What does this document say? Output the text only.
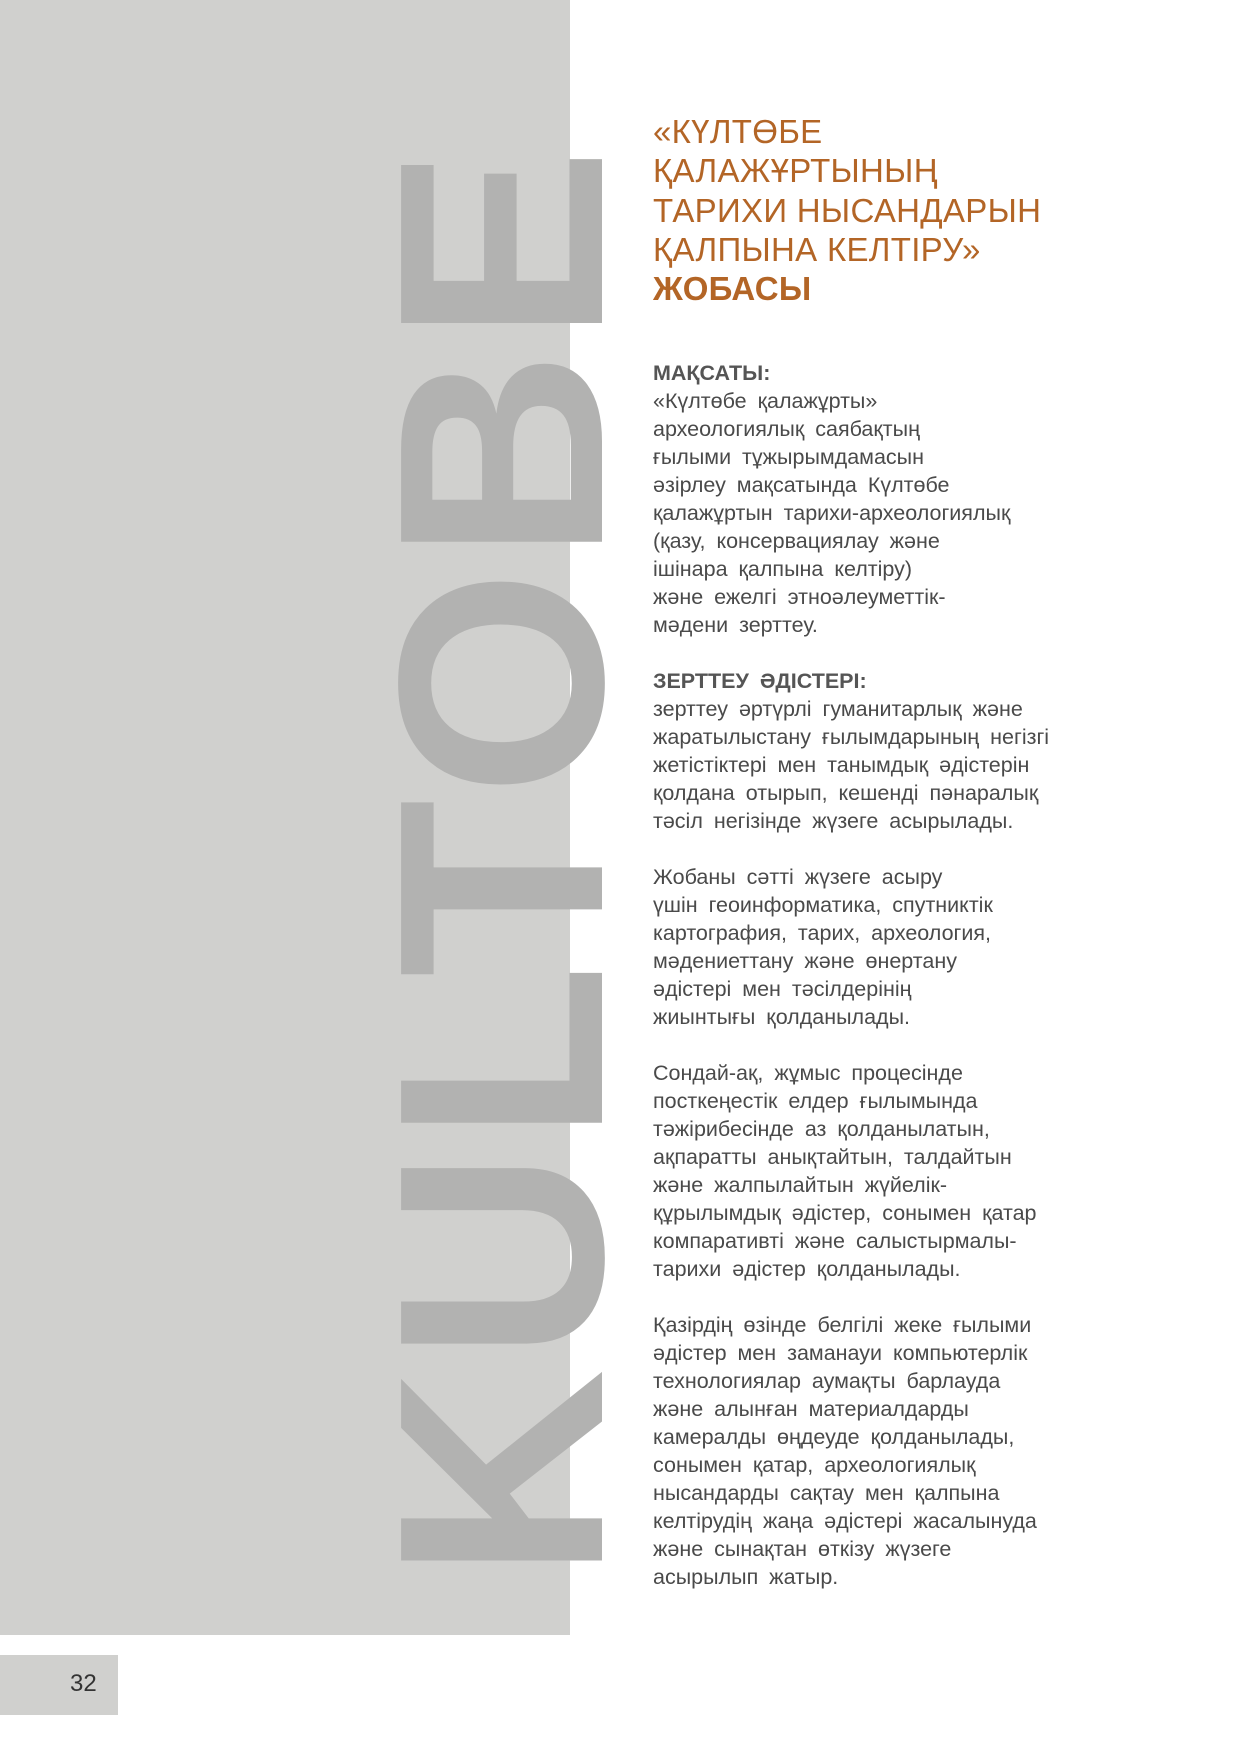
KULTOBE
32
«КҮЛТӨБЕ
ҚАЛАЖҰРТЫНЫҢ
ТАРИХИ НЫСАНДАРЫН
ҚАЛПЫНА КЕЛТІРУ»
ЖОБАСЫ
МАҚСАТЫ:
«Күлтөбе қалажұрты»
археологиялық саябақтың
ғылыми тұжырымдамасын
әзірлеу мақсатында Күлтөбе
қалажұртын тарихи-археологиялық
(қазу, консервациялау және
ішінара қалпына келтіру)
және ежелгі этноәлеуметтік-
мәдени зерттеу.
ЗЕРТТЕУ ӘДІСТЕРІ:
зерттеу әртүрлі гуманитарлық және
жаратылыстану ғылымдарының негізгі
жетістіктері мен танымдық әдістерін
қолдана отырып, кешенді пәнаралық
тәсіл негізінде жүзеге асырылады.
Жобаны сәтті жүзеге асыру
үшін геоинформатика, спутниктік
картография, тарих, археология,
мәдениеттану және өнертану
әдістері мен тәсілдерінің
жиынтығы қолданылады.
Сондай-ақ, жұмыс процесінде
посткеңестік елдер ғылымында
тәжірибесінде аз қолданылатын,
ақпаратты анықтайтын, талдайтын
және жалпылайтын жүйелік-
құрылымдық әдістер, сонымен қатар
компаративті және салыстырмалы-
тарихи әдістер қолданылады.
Қазірдің өзінде белгілі жеке ғылыми
әдістер мен заманауи компьютерлік
технологиялар аумақты барлауда
және алынған материалдарды
камералды өңдеуде қолданылады,
сонымен қатар, археологиялық
нысандарды сақтау мен қалпына
келтірудің жаңа әдістері жасалынуда
және сынақтан өткізу жүзеге
асырылып жатыр.
